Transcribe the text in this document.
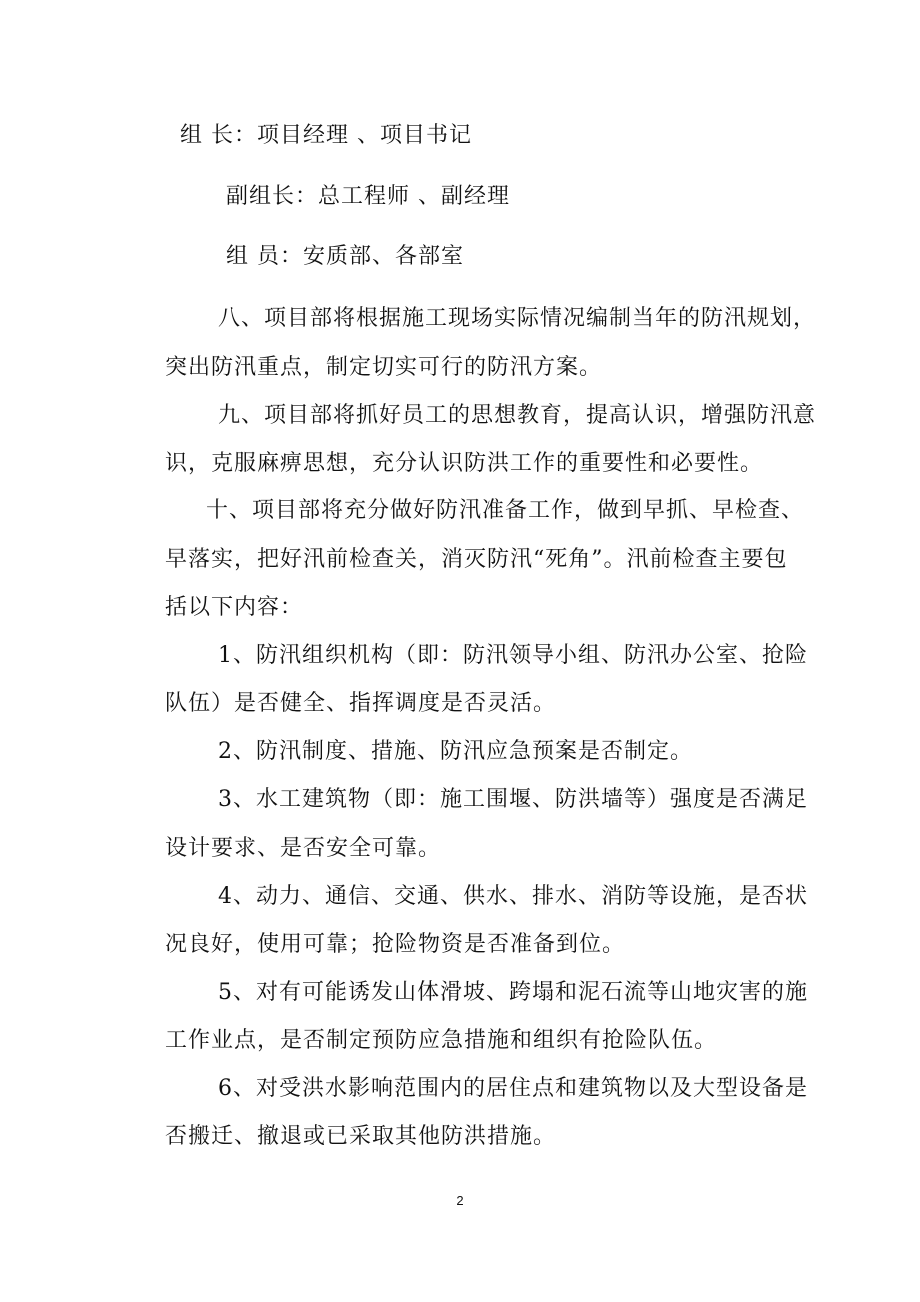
组 长：项目经理 、项目书记
副组长：总工程师 、副经理
组 员：安质部、各部室
八、项目部将根据施工现场实际情况编制当年的防汛规划，
突出防汛重点，制定切实可行的防汛方案。
九、项目部将抓好员工的思想教育，提高认识，增强防汛意
识，克服麻痹思想，充分认识防洪工作的重要性和必要性。
十、项目部将充分做好防汛准备工作，做到早抓、早检查、
早落实，把好汛前检查关，消灭防汛“死角”。汛前检查主要包
括以下内容：
1、防汛组织机构（即：防汛领导小组、防汛办公室、抢险
队伍）是否健全、指挥调度是否灵活。
2、防汛制度、措施、防汛应急预案是否制定。
3、水工建筑物（即：施工围堰、防洪墙等）强度是否满足
设计要求、是否安全可靠。
4、动力、通信、交通、供水、排水、消防等设施，是否状
况良好，使用可靠；抢险物资是否准备到位。
5、对有可能诱发山体滑坡、跨塌和泥石流等山地灾害的施
工作业点，是否制定预防应急措施和组织有抢险队伍。
6、对受洪水影响范围内的居住点和建筑物以及大型设备是
否搬迁、撤退或已采取其他防洪措施。
2
